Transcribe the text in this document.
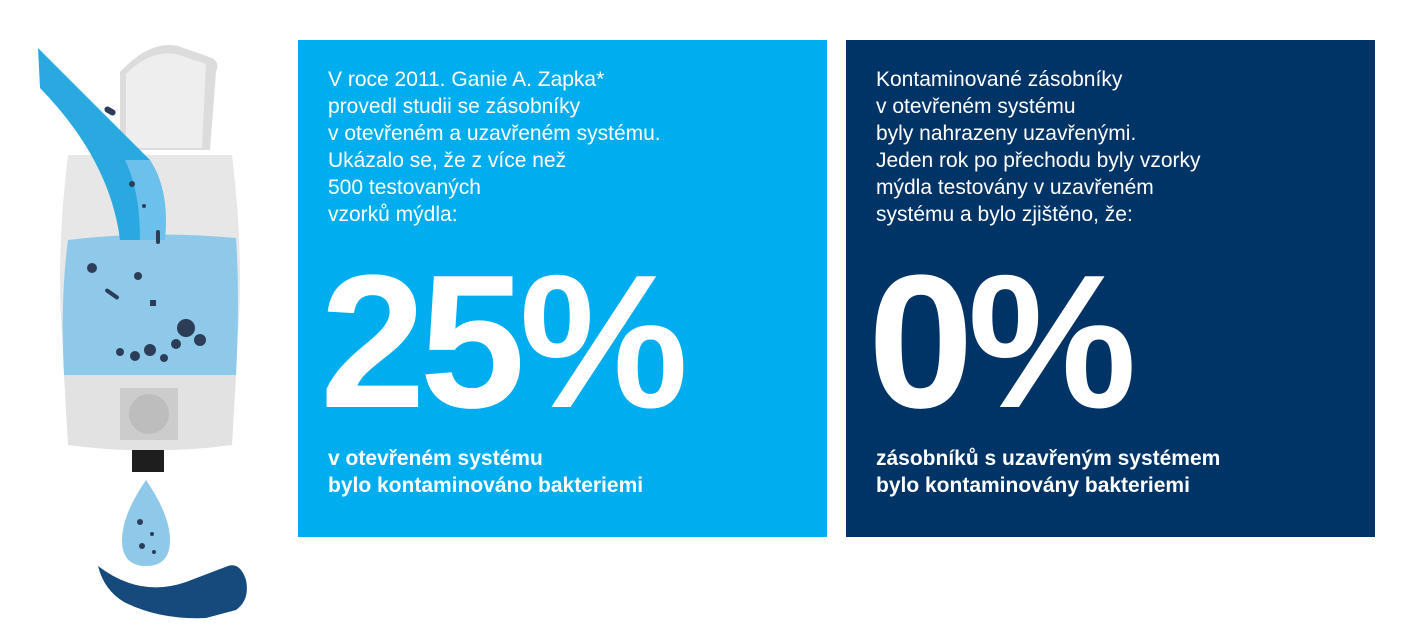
V roce 2011. Ganie A. Zapka*
provedl studii se zásobníky
v otevřeném a uzavřeném systému.
Ukázalo se, že z více než
500 testovaných
vzorků mýdla:

25%

v otevřeném systému
bylo kontaminováno bakteriemi

Kontaminované zásobníky
v otevřeném systému
byly nahrazeny uzavřenými.
Jeden rok po přechodu byly vzorky
mýdla testovány v uzavřeném
systému a bylo zjištěno, že:

0%

zásobníků s uzavřeným systémem
bylo kontaminovány bakteriemi
